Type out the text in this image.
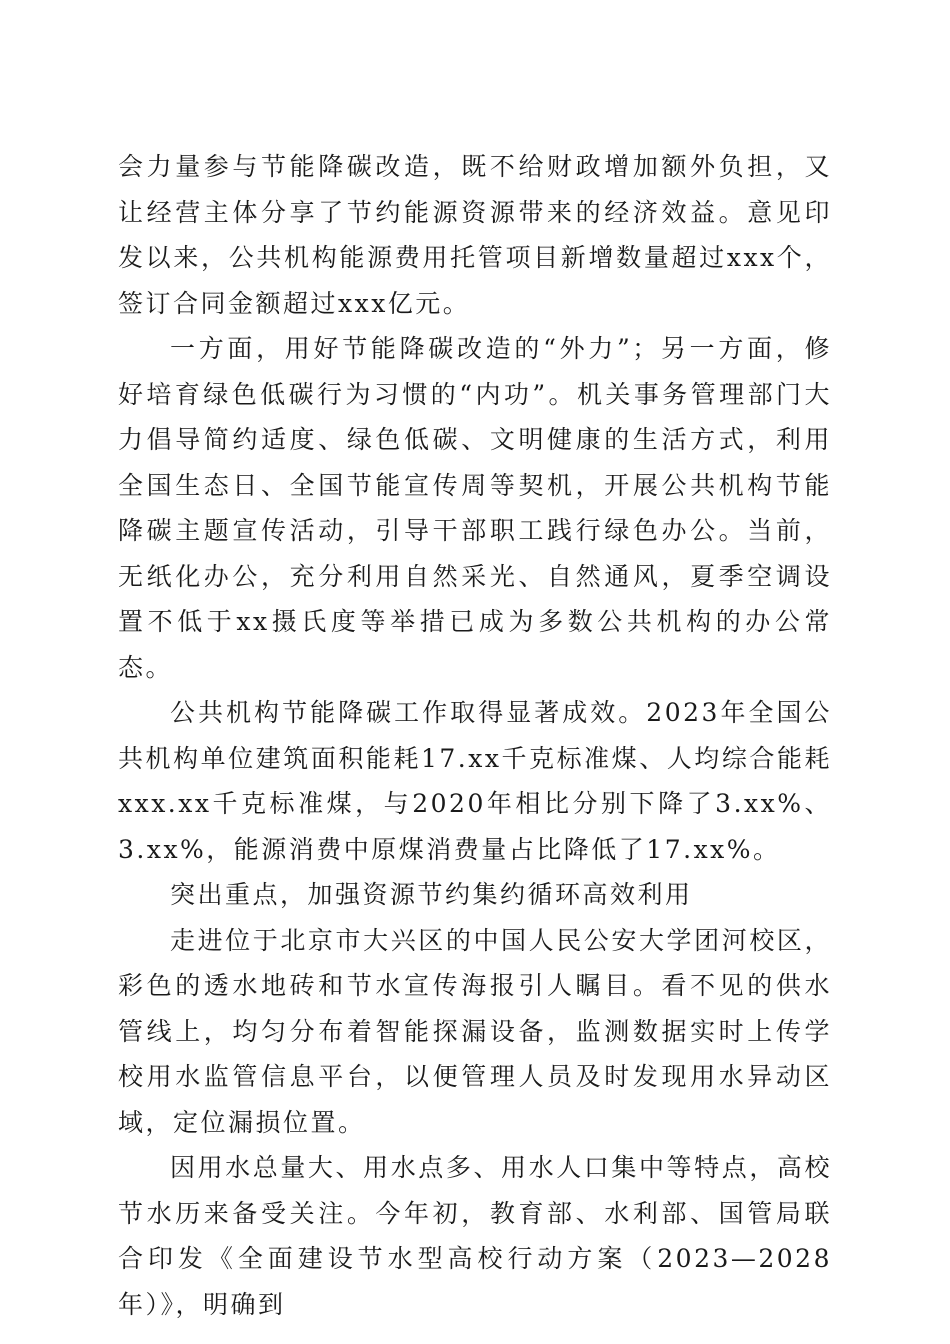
会力量参与节能降碳改造，既不给财政增加额外负担，又让经营主体分享了节约能源资源带来的经济效益。意见印发以来，公共机构能源费用托管项目新增数量超过xxx个，签订合同金额超过xxx亿元。

一方面，用好节能降碳改造的“外力”；另一方面，修好培育绿色低碳行为习惯的“内功”。机关事务管理部门大力倡导简约适度、绿色低碳、文明健康的生活方式，利用全国生态日、全国节能宣传周等契机，开展公共机构节能降碳主题宣传活动，引导干部职工践行绿色办公。当前，无纸化办公，充分利用自然采光、自然通风，夏季空调设置不低于xx摄氏度等举措已成为多数公共机构的办公常态。

公共机构节能降碳工作取得显著成效。2023年全国公共机构单位建筑面积能耗17.xx千克标准煤、人均综合能耗xxx.xx千克标准煤，与2020年相比分别下降了3.xx%、3.xx%，能源消费中原煤消费量占比降低了17.xx%。

突出重点，加强资源节约集约循环高效利用

走进位于北京市大兴区的中国人民公安大学团河校区，彩色的透水地砖和节水宣传海报引人瞩目。看不见的供水管线上，均匀分布着智能探漏设备，监测数据实时上传学校用水监管信息平台，以便管理人员及时发现用水异动区域，定位漏损位置。

因用水总量大、用水点多、用水人口集中等特点，高校节水历来备受关注。今年初，教育部、水利部、国管局联合印发《全面建设节水型高校行动方案（2023—2028年）》，明确到
